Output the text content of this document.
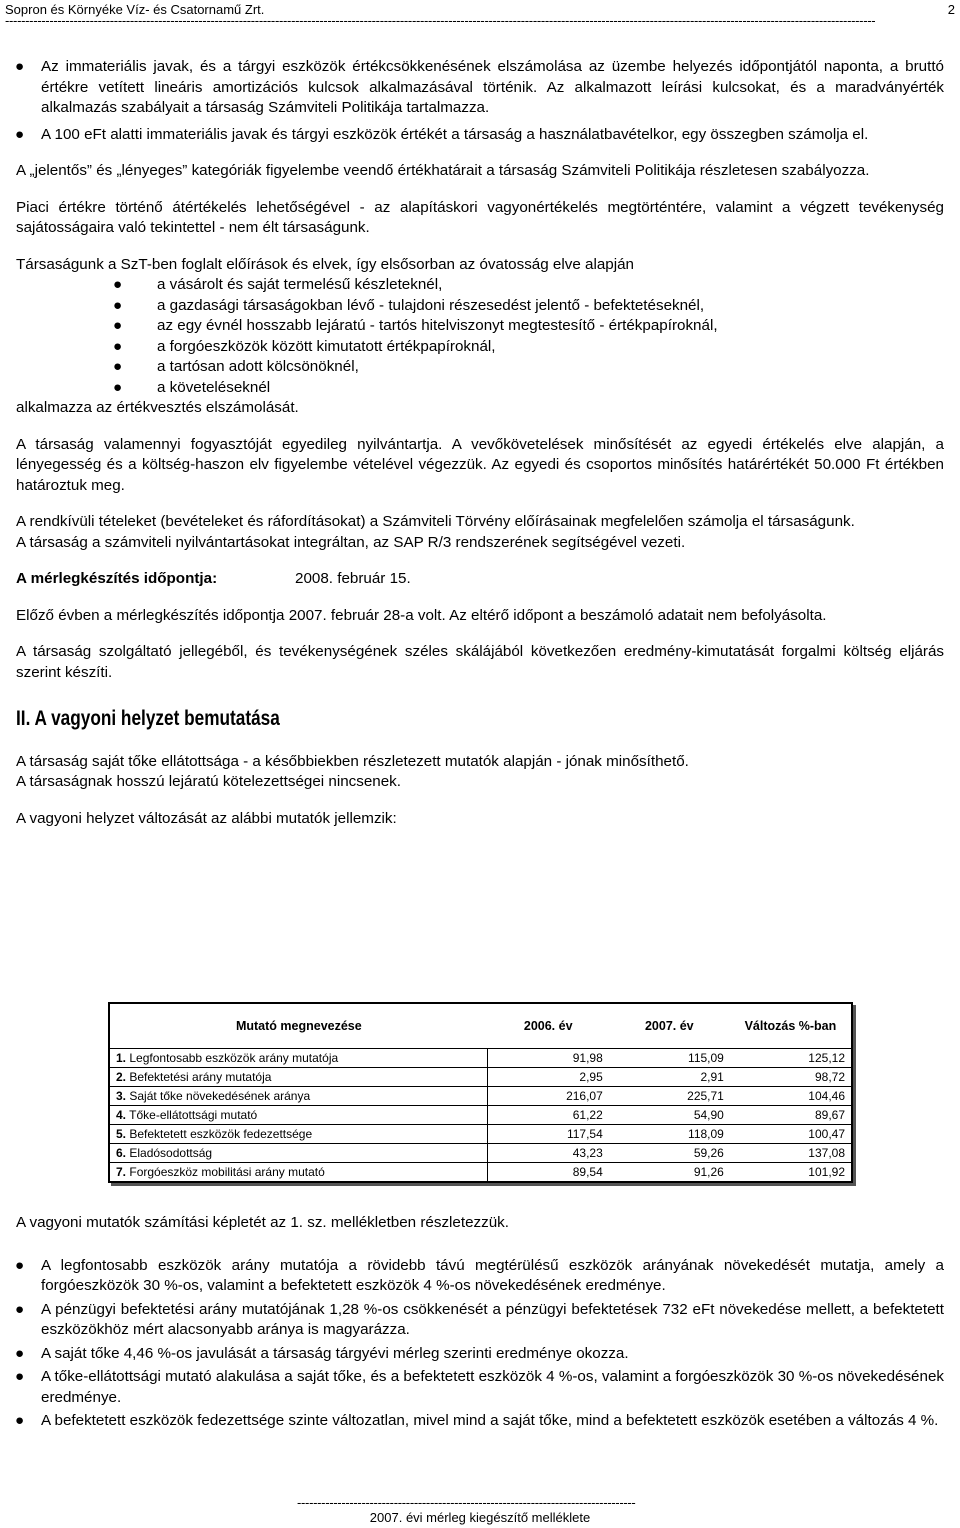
Sopron és Környéke Víz- és Csatornamű Zrt.	2
------------------------------------------------------------------------------------------------------------------------------------------------------------------------------------------------------------------------
● Az immateriális javak, és a tárgyi eszközök értékcsökkenésének elszámolása az üzembe helyezés időpontjától naponta, a bruttó értékre vetített lineáris amortizációs kulcsok alkalmazásával történik. Az alkalmazott leírási kulcsokat, és a maradványérték alkalmazás szabályait a társaság Számviteli Politikája tartalmazza.
● A 100 eFt alatti immateriális javak és tárgyi eszközök értékét a társaság a használatbavételkor, egy összegben számolja el.

A „jelentős” és „lényeges” kategóriák figyelembe veendő értékhatárait a társaság Számviteli Politikája részletesen szabályozza.

Piaci értékre történő átértékelés lehetőségével - az alapításkori vagyonértékelés megtörténtére, valamint a végzett tevékenység sajátosságaira való tekintettel - nem élt társaságunk.

Társaságunk a SzT-ben foglalt előírások és elvek, így elsősorban az óvatosság elve alapján

● a vásárolt és saját termelésű készleteknél,
● a gazdasági társaságokban lévő - tulajdoni részesedést jelentő - befektetéseknél,
● az egy évnél hosszabb lejáratú - tartós hitelviszonyt megtestesítő - értékpapíroknál,
● a forgóeszközök között kimutatott értékpapíroknál,
● a tartósan adott kölcsönöknél,
● a követeléseknél

alkalmazza az értékvesztés elszámolását.

A társaság valamennyi fogyasztóját egyedileg nyilvántartja. A vevőkövetelések minősítését az egyedi értékelés elve alapján, a lényegesség és a költség-haszon elv figyelembe vételével végezzük. Az egyedi és csoportos minősítés határértékét 50.000 Ft értékben határoztuk meg.

A rendkívüli tételeket (bevételeket és ráfordításokat) a Számviteli Törvény előírásainak megfelelően számolja el társaságunk.

A társaság a számviteli nyilvántartásokat integráltan, az SAP R/3 rendszerének segítségével vezeti.

A mérlegkészítés időpontja:	2008. február 15.

Előző évben a mérlegkészítés időpontja 2007. február 28-a volt. Az eltérő időpont a beszámoló adatait nem befolyásolta.

A társaság szolgáltató jellegéből, és tevékenységének széles skálájából következően eredmény-kimutatását forgalmi költség eljárás szerint készíti.

II. A vagyoni helyzet bemutatása

A társaság saját tőke ellátottsága - a későbbiekben részletezett mutatók alapján - jónak minősíthető.

A társaságnak hosszú lejáratú kötelezettségei nincsenek.

A vagyoni helyzet változását az alábbi mutatók jellemzik:

Mutató megnevezése	2006. év	2007. év	Változás %-ban
1. Legfontosabb eszközök arány mutatója	91,98	115,09	125,12
2. Befektetési arány mutatója	2,95	2,91	98,72
3. Saját tőke növekedésének aránya	216,07	225,71	104,46
4. Tőke-ellátottsági mutató	61,22	54,90	89,67
5. Befektetett eszközök fedezettsége	117,54	118,09	100,47
6. Eladósodottság	43,23	59,26	137,08
7. Forgóeszköz mobilitási arány mutató	89,54	91,26	101,92

A vagyoni mutatók számítási képletét az 1. sz. mellékletben részletezzük.

● A legfontosabb eszközök arány mutatója a rövidebb távú megtérülésű eszközök arányának növekedését mutatja, amely a forgóeszközök 30 %-os, valamint a befektetett eszközök 4 %-os növekedésének eredménye.
● A pénzügyi befektetési arány mutatójának 1,28 %-os csökkenését a pénzügyi befektetések 732 eFt növekedése mellett, a befektetett eszközökhöz mért alacsonyabb aránya is magyarázza.
● A saját tőke 4,46 %-os javulását a társaság tárgyévi mérleg szerinti eredménye okozza.
● A tőke-ellátottsági mutató alakulása a saját tőke, és a befektetett eszközök 4 %-os, valamint a forgóeszközök 30 %-os növekedésének eredménye.
● A befektetett eszközök fedezettsége szinte változatlan, mivel mind a saját tőke, mind a befektetett eszközök esetében a változás 4 %.
------------------------------------------------------------------------------------
2007. évi mérleg kiegészítő melléklete
